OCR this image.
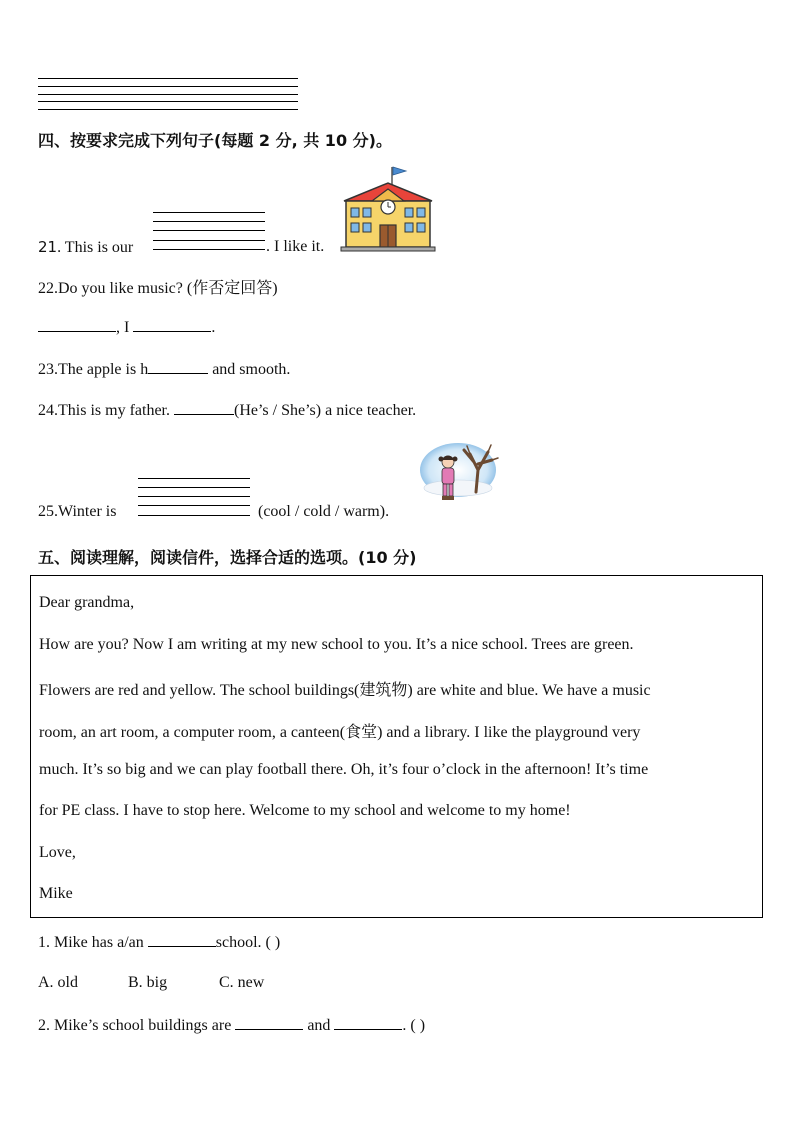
四、按要求完成下列句子(每题 2 分, 共 10 分)。
21. This is our	. I like it.
22.Do you like music? (作否定回答)
, I	.
23.The apple is h	and smooth.
24.This is my father.	(He’s / She’s) a nice teacher.
25.Winter is	(cool / cold / warm).
五、阅读理解，阅读信件，选择合适的选项。(10 分)
Dear grandma,
How are you? Now I am writing at my new school to you. It’s a nice school. Trees are green.
Flowers are red and yellow. The school buildings(建筑物) are white and blue. We have a music
room, an art room, a computer room, a canteen(食堂) and a library. I like the playground very
much. It’s so big and we can play football there. Oh, it’s four o’clock in the afternoon! It’s time
for PE class. I have to stop here. Welcome to my school and welcome to my home!
Love,
Mike
1. Mike has a/an	school. ( )
A. old	B. big	C. new
2. Mike’s school buildings are	and	. ( )
